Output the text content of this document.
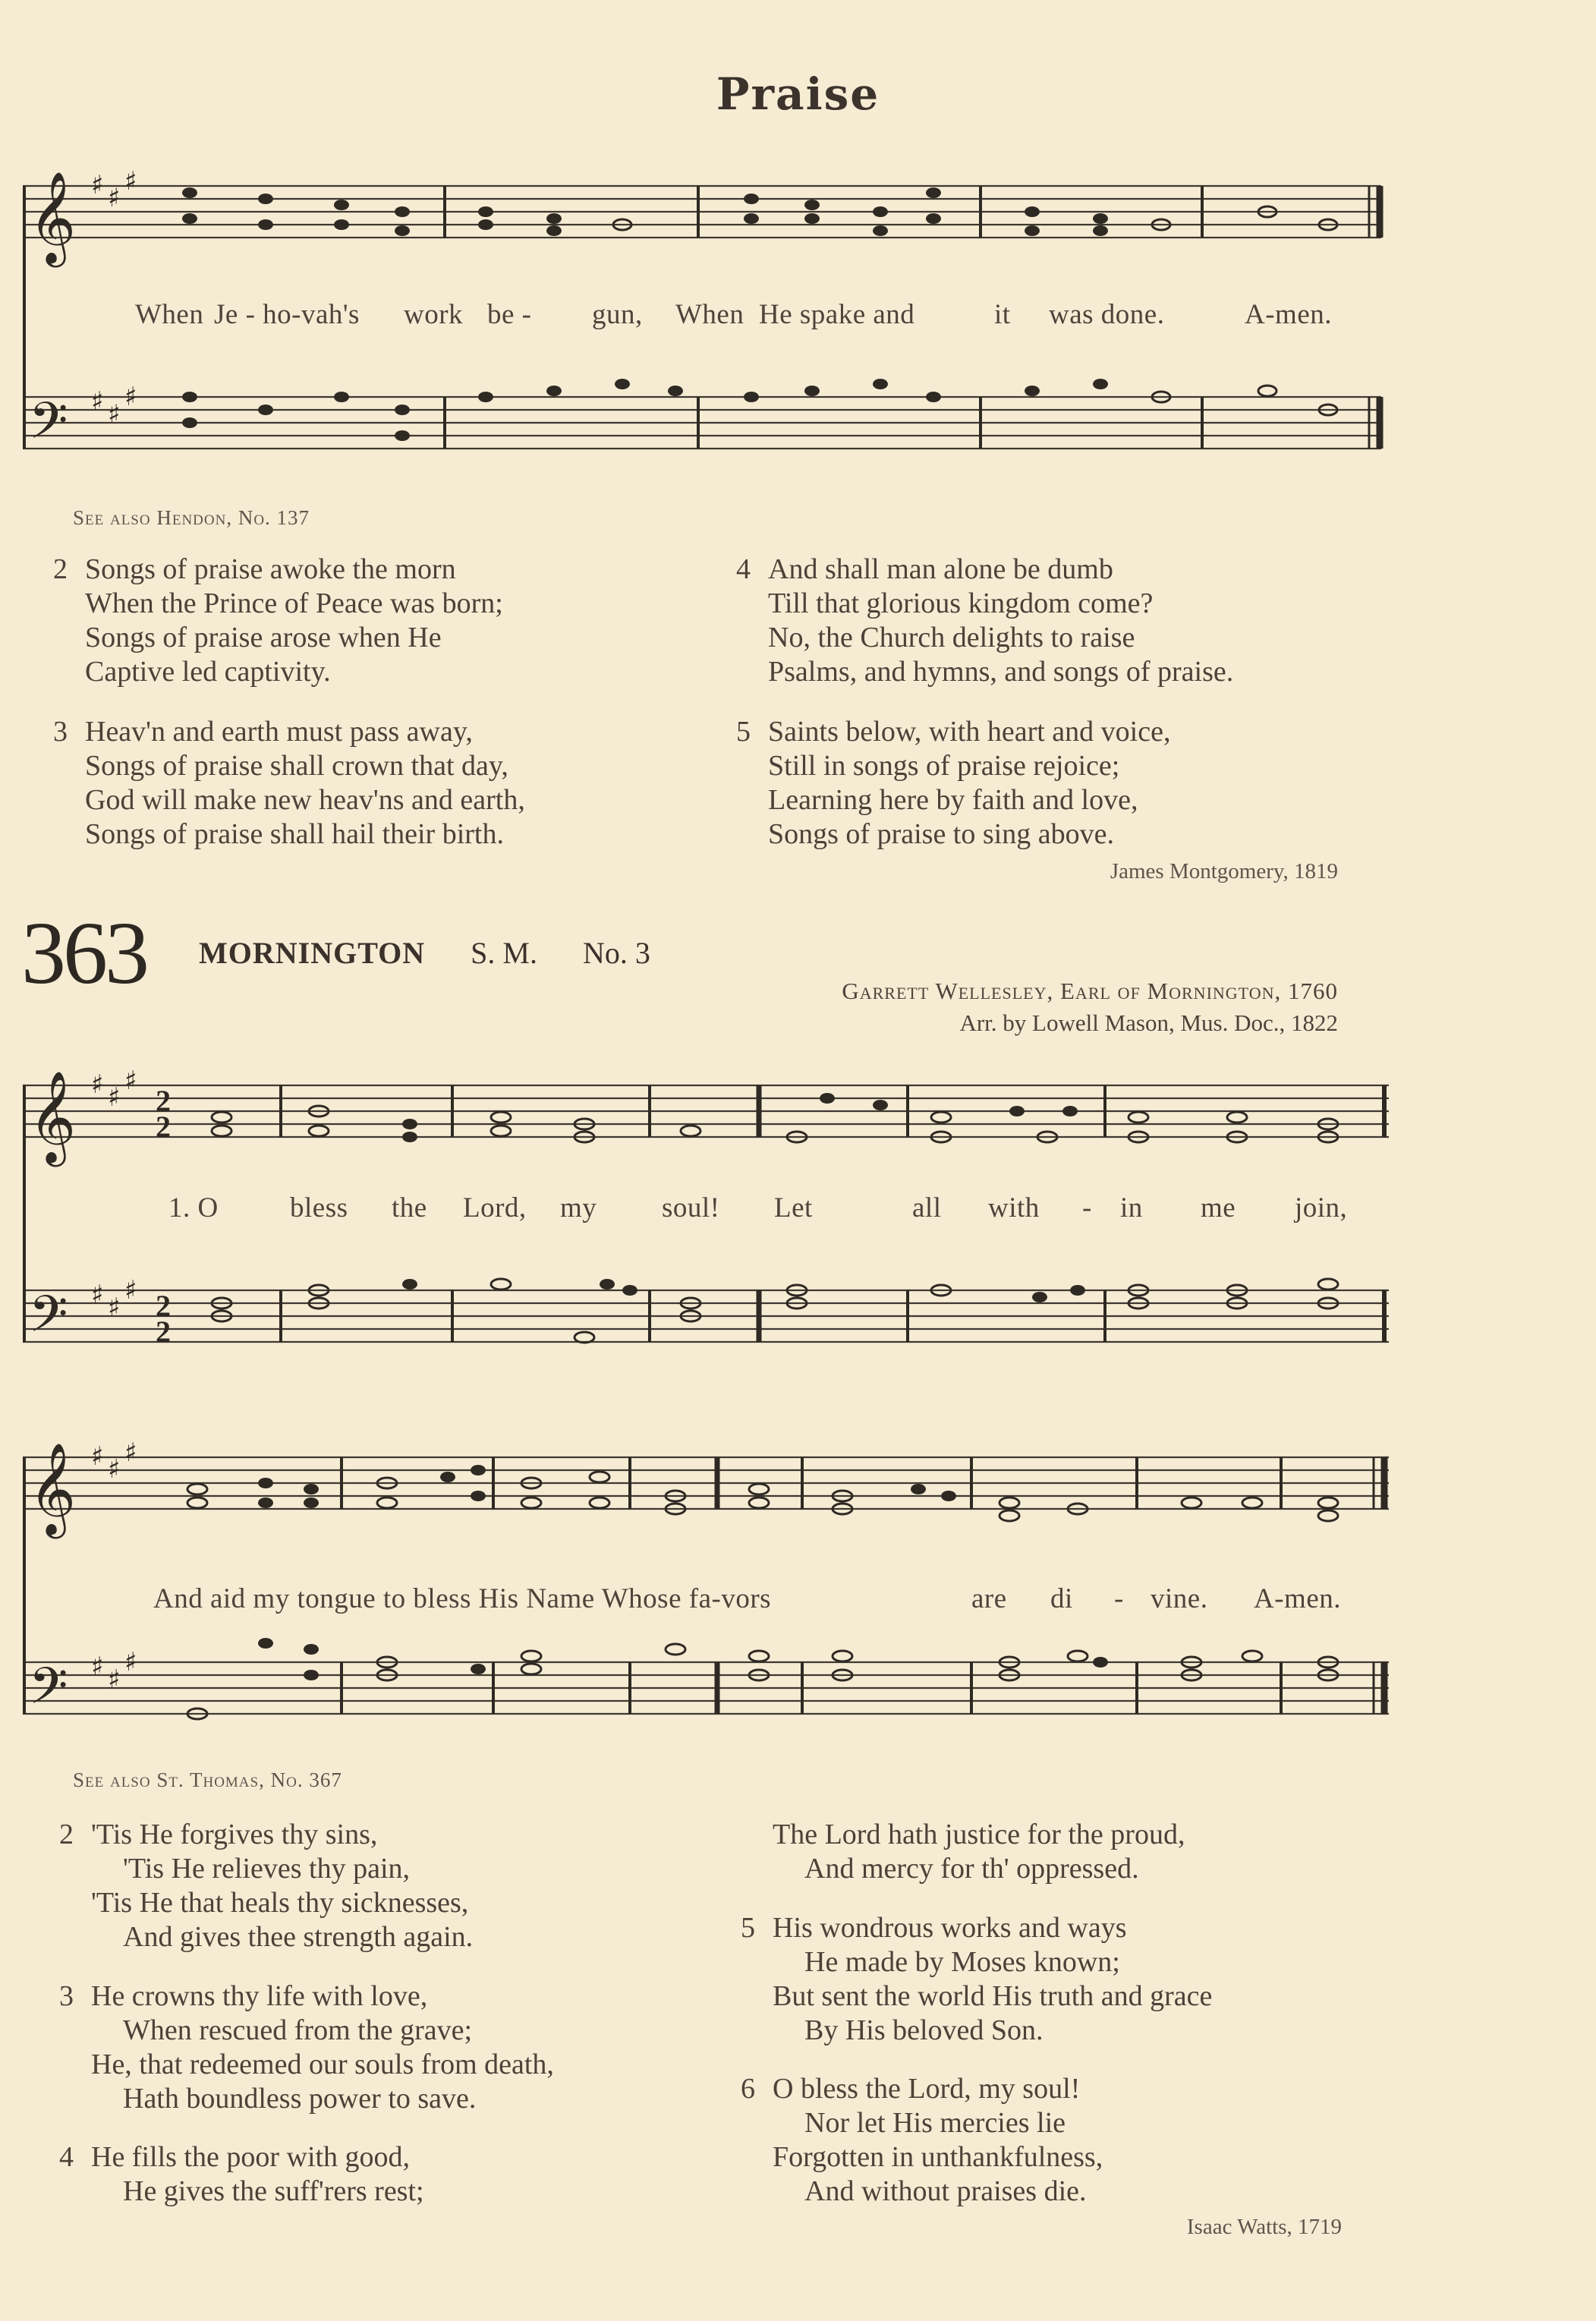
Praise
𝄞
𝄢
♯ ♯
♯
♯ ♯
♯
When Je - ho-vah's work be - gun, When He spake and	it was done.	A-men.
See also Hendon, No. 137
2 Songs of praise awoke the morn
When the Prince of Peace was born;
Songs of praise arose when He
Captive led captivity.
3 Heav'n and earth must pass away,
Songs of praise shall crown that day,
God will make new heav'ns and earth,
Songs of praise shall hail their birth.
4 And shall man alone be dumb
Till that glorious kingdom come?
No, the Church delights to raise
Psalms, and hymns, and songs of praise.
5 Saints below, with heart and voice,
Still in songs of praise rejoice;
Learning here by faith and love,
Songs of praise to sing above.
James Montgomery, 1819
363 MORNINGTON S. M. No. 3
Garrett Wellesley, Earl of Mornington, 1760
Arr. by Lowell Mason, Mus. Doc., 1822
𝄞
𝄢
♯ ♯
♯
♯ ♯
♯
2
2
2
2
1. O	bless the Lord, my soul! Let	all with - in me join,
𝄞
𝄢
♯ ♯
♯
♯ ♯
♯
And aid my tongue to bless His Name Whose fa-vors	are di - vine. A-men.
See also St. Thomas, No. 367
2 'Tis He forgives thy sins,
'Tis He relieves thy pain,
'Tis He that heals thy sicknesses,
And gives thee strength again.
3 He crowns thy life with love,
When rescued from the grave;
He, that redeemed our souls from death,
Hath boundless power to save.
4 He fills the poor with good,
He gives the suff'rers rest;
The Lord hath justice for the proud,
And mercy for th' oppressed.
5 His wondrous works and ways
He made by Moses known;
But sent the world His truth and grace
By His beloved Son.
6 O bless the Lord, my soul!
Nor let His mercies lie
Forgotten in unthankfulness,
And without praises die.
Isaac Watts, 1719
